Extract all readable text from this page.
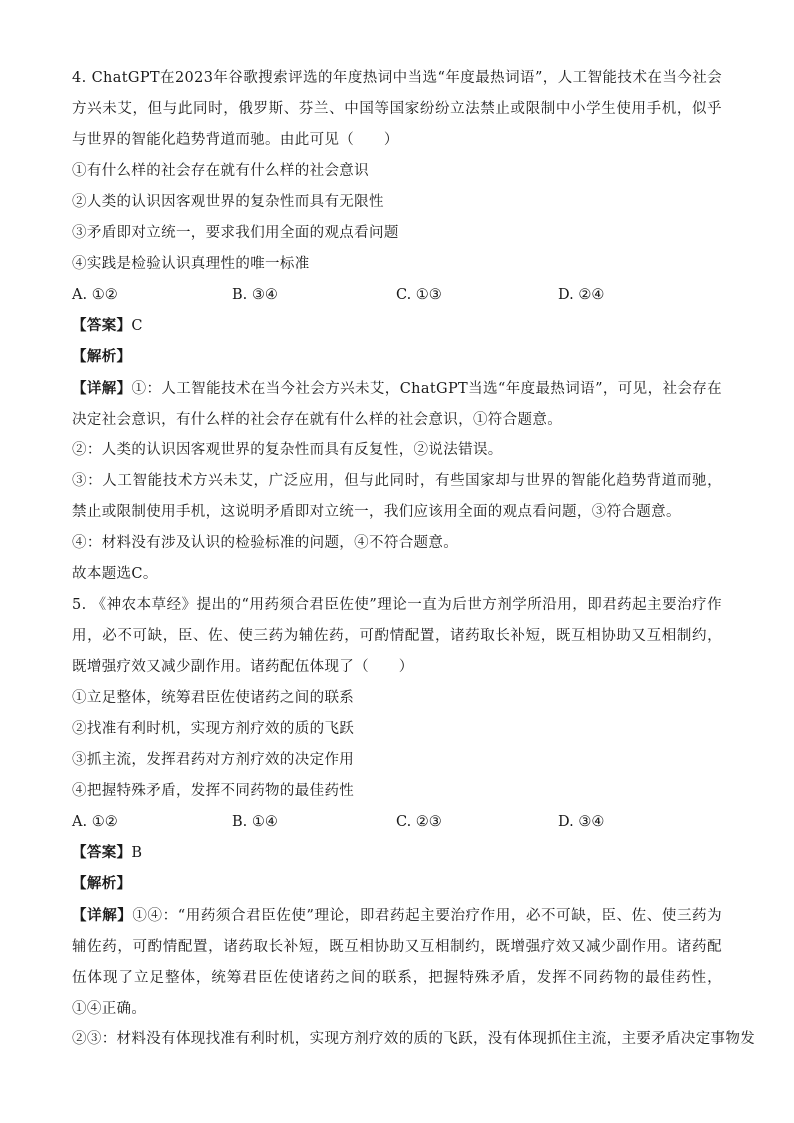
4. ChatGPT在2023年谷歌搜索评选的年度热词中当选“年度最热词语”，人工智能技术在当今社会方兴未艾，但与此同时，俄罗斯、芬兰、中国等国家纷纷立法禁止或限制中小学生使用手机，似乎与世界的智能化趋势背道而驰。由此可见（　　）
①有什么样的社会存在就有什么样的社会意识
②人类的认识因客观世界的复杂性而具有无限性
③矛盾即对立统一，要求我们用全面的观点看问题
④实践是检验认识真理性的唯一标准
A. ①②	B. ③④	C. ①③	D. ②④
【答案】C
【解析】
【详解】①：人工智能技术在当今社会方兴未艾，ChatGPT当选“年度最热词语”，可见，社会存在决定社会意识，有什么样的社会存在就有什么样的社会意识，①符合题意。
②：人类的认识因客观世界的复杂性而具有反复性，②说法错误。
③：人工智能技术方兴未艾，广泛应用，但与此同时，有些国家却与世界的智能化趋势背道而驰，禁止或限制使用手机，这说明矛盾即对立统一，我们应该用全面的观点看问题，③符合题意。
④：材料没有涉及认识的检验标准的问题，④不符合题意。
故本题选C。
5. 《神农本草经》提出的“用药须合君臣佐使”理论一直为后世方剂学所沿用，即君药起主要治疗作用，必不可缺，臣、佐、使三药为辅佐药，可酌情配置，诸药取长补短，既互相协助又互相制约，既增强疗效又减少副作用。诸药配伍体现了（　　）
①立足整体，统筹君臣佐使诸药之间的联系
②找准有利时机，实现方剂疗效的质的飞跃
③抓主流，发挥君药对方剂疗效的决定作用
④把握特殊矛盾，发挥不同药物的最佳药性
A. ①②	B. ①④	C. ②③	D. ③④
【答案】B
【解析】
【详解】①④：“用药须合君臣佐使”理论，即君药起主要治疗作用，必不可缺，臣、佐、使三药为辅佐药，可酌情配置，诸药取长补短，既互相协助又互相制约，既增强疗效又减少副作用。诸药配伍体现了立足整体，统筹君臣佐使诸药之间的联系，把握特殊矛盾，发挥不同药物的最佳药性，①④正确。
②③：材料没有体现找准有利时机，实现方剂疗效的质的飞跃，没有体现抓住主流，主要矛盾决定事物发
